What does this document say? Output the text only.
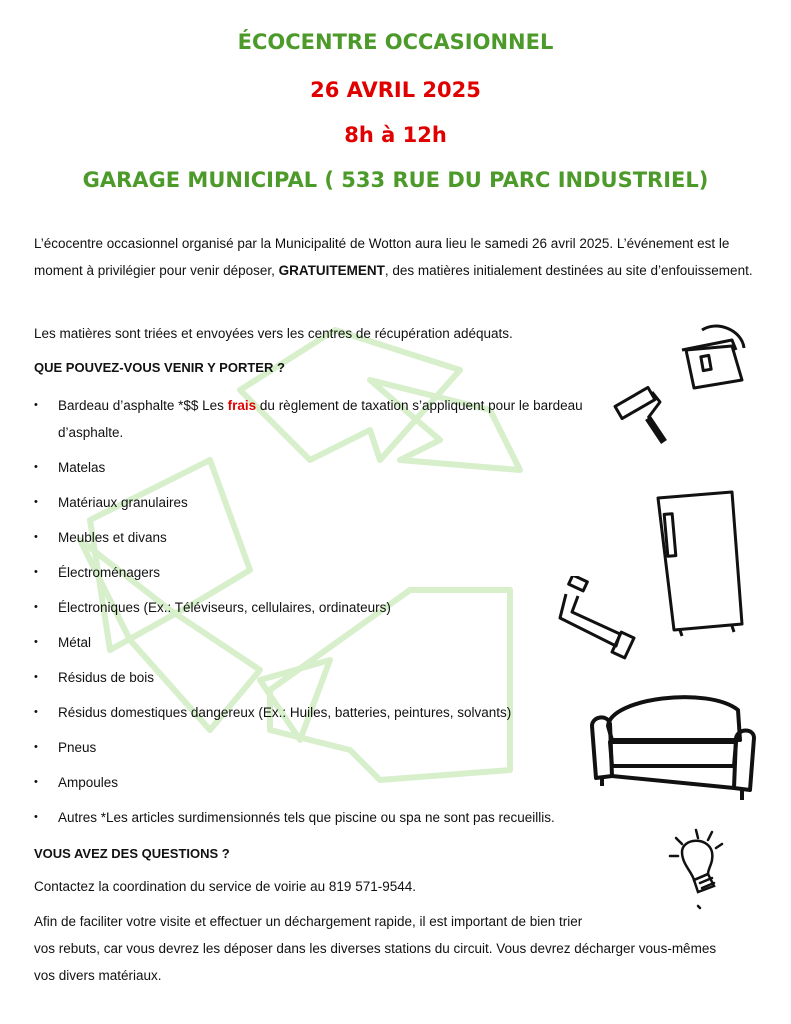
ÉCOCENTRE OCCASIONNEL
26 AVRIL 2025
8h à 12h
GARAGE MUNICIPAL ( 533 RUE DU PARC INDUSTRIEL)
L’écocentre occasionnel organisé par la Municipalité de Wotton aura lieu le samedi 26 avril 2025. L’événement est le moment à privilégier pour venir déposer, GRATUITEMENT, des matières initialement destinées au site d’enfouissement.
Les matières sont triées et envoyées vers les centres de récupération adéquats.
QUE POUVEZ-VOUS VENIR Y PORTER ?
• Bardeau d’asphalte *$$ Les frais du règlement de taxation s’appliquent pour le bardeau d’asphalte.
• Matelas
• Matériaux granulaires
• Meubles et divans
• Électroménagers
• Électroniques (Ex.: Téléviseurs, cellulaires, ordinateurs)
• Métal
• Résidus de bois
• Résidus domestiques dangereux (Ex.: Huiles, batteries, peintures, solvants)
• Pneus
• Ampoules
• Autres *Les articles surdimensionnés tels que piscine ou spa ne sont pas recueillis.
VOUS AVEZ DES QUESTIONS ?
Contactez la coordination du service de voirie au 819 571-9544.
Afin de faciliter votre visite et effectuer un déchargement rapide, il est important de bien trier
vos rebuts, car vous devrez les déposer dans les diverses stations du circuit. Vous devrez décharger vous-mêmes
vos divers matériaux.
